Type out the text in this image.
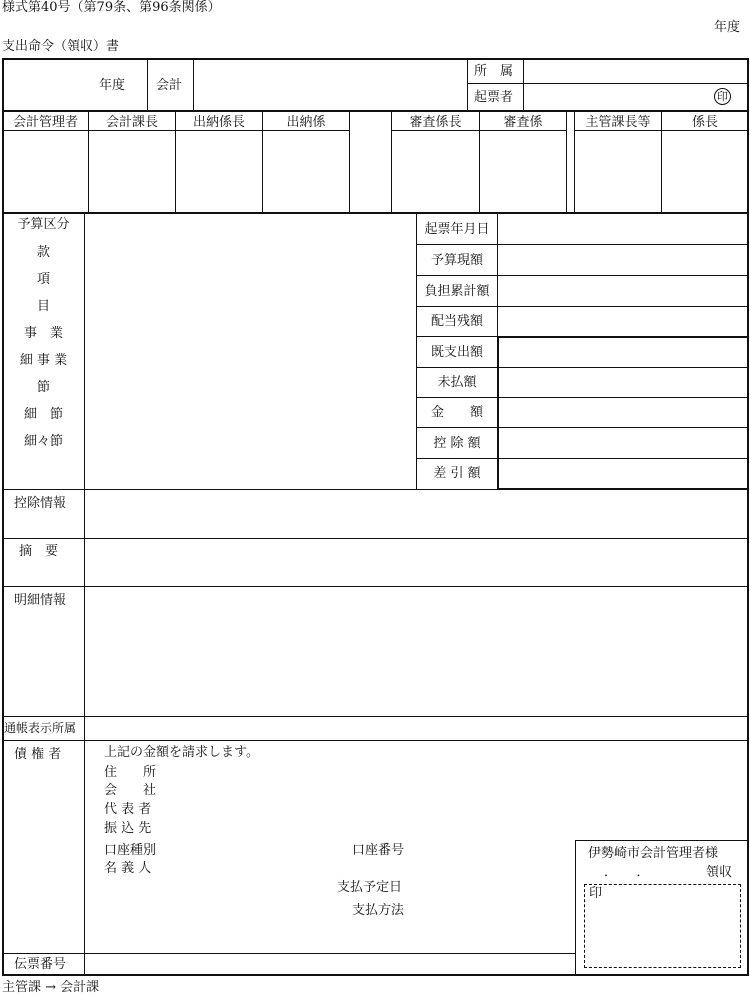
様式第40号（第79条、第96条関係）
年度
支出命令（領収）書
年度 会計
所　属
起票者	印
会計管理者	会計課長	出納係長	出納係	審査係長	審査係	主管課長等	係長
予算区分
款
項
目
事　業
細 事 業
節
細　節
細々節
起票年月日
予算現額
負担累計額
配当残額
既支出額
未払額
金　　額
控 除 額
差 引 額
控除情報
摘　要
明細情報
通帳表示所属
債 権 者	上記の金額を請求します。
住　　所
会　　社
代 表 者
振 込 先
口座種別
名 義 人
口座番号
支払予定日
支払方法
伊勢崎市会計管理者様
．　　．	領収
印
伝票番号
主管課 → 会計課
